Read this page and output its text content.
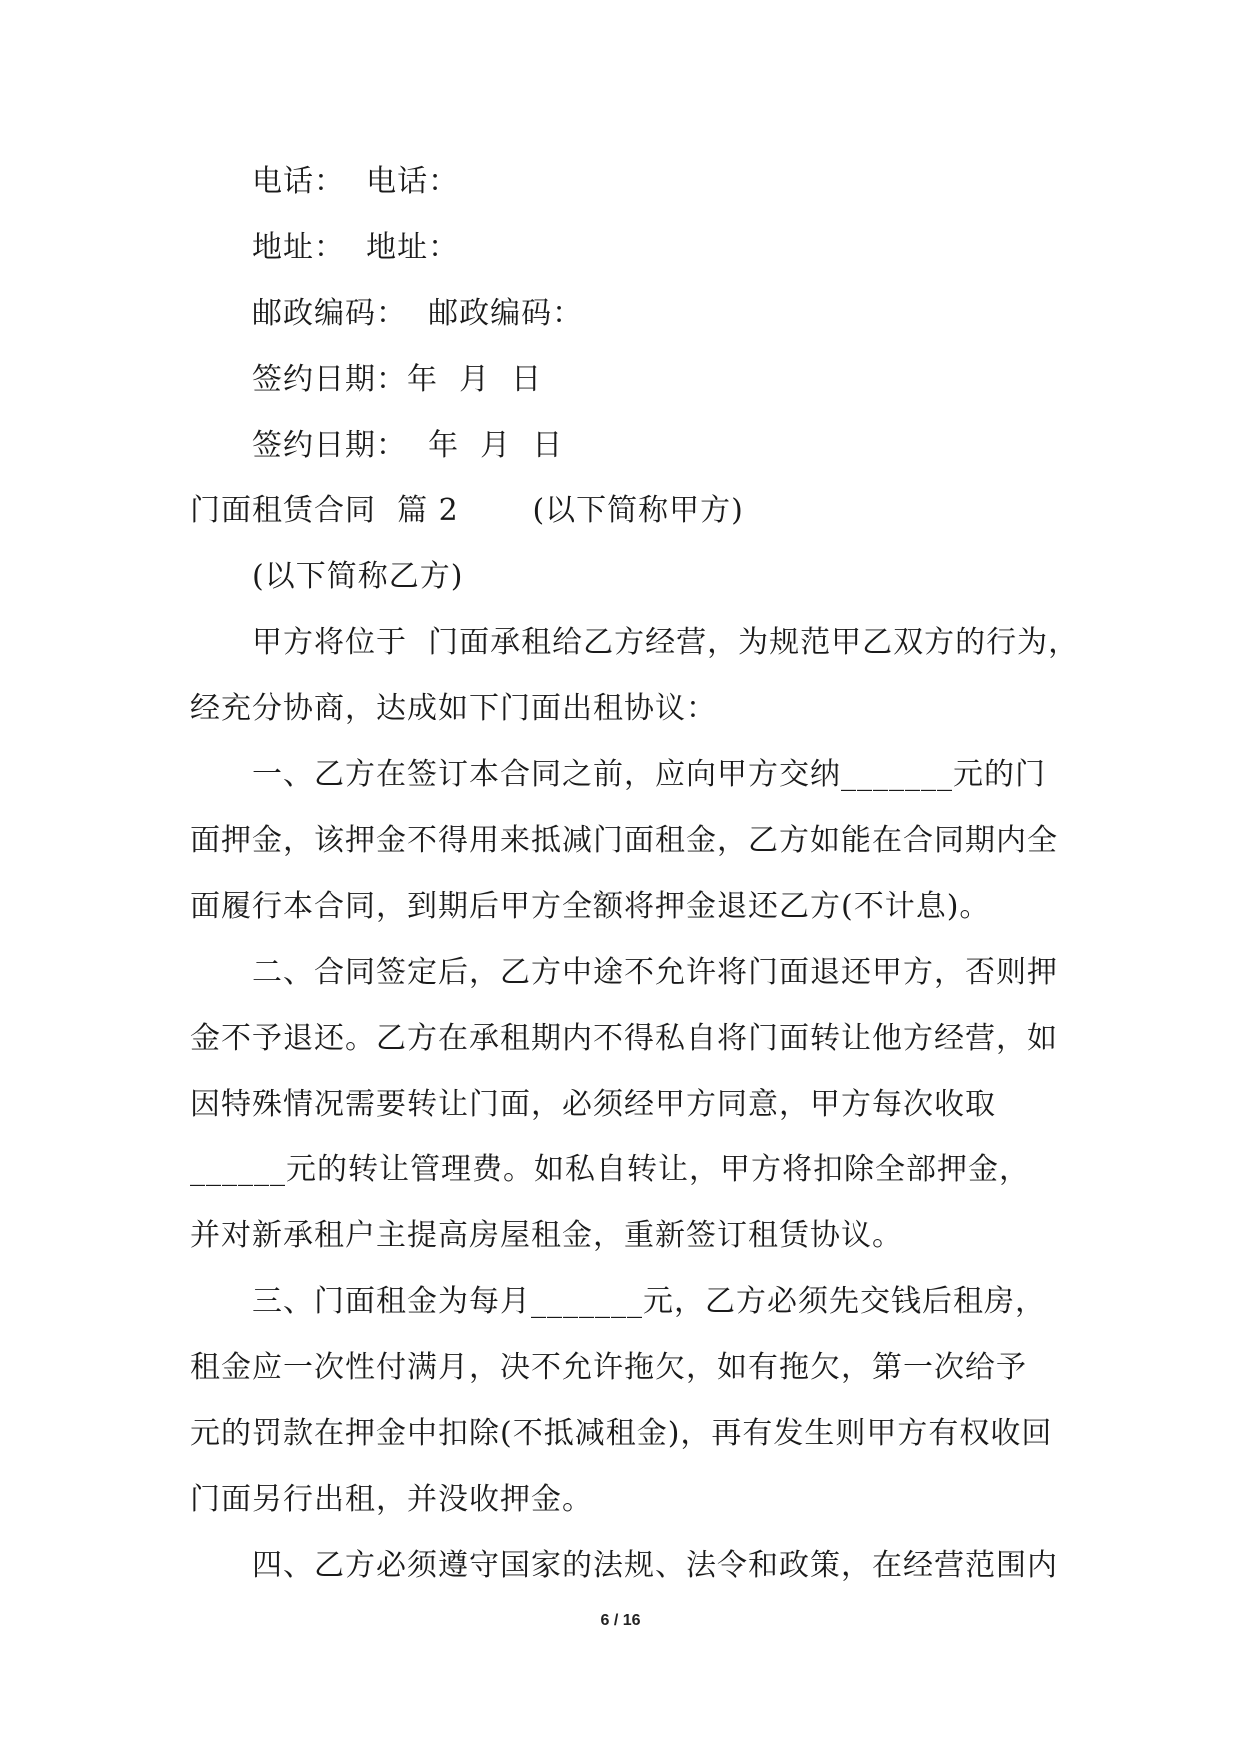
电话：  电话：
地址：  地址：
邮政编码：  邮政编码：
签约日期：年  月  日
签约日期：  年  月  日
门面租赁合同  篇 2       (以下简称甲方)
(以下简称乙方)
甲方将位于  门面承租给乙方经营，为规范甲乙双方的行为，
经充分协商，达成如下门面出租协议：
一、乙方在签订本合同之前，应向甲方交纳_______元的门
面押金，该押金不得用来抵减门面租金，乙方如能在合同期内全
面履行本合同，到期后甲方全额将押金退还乙方(不计息)。
二、合同签定后，乙方中途不允许将门面退还甲方，否则押
金不予退还。乙方在承租期内不得私自将门面转让他方经营，如
因特殊情况需要转让门面，必须经甲方同意，甲方每次收取
______元的转让管理费。如私自转让，甲方将扣除全部押金，
并对新承租户主提高房屋租金，重新签订租赁协议。
三、门面租金为每月_______元，乙方必须先交钱后租房，
租金应一次性付满月，决不允许拖欠，如有拖欠，第一次给予
元的罚款在押金中扣除(不抵减租金)，再有发生则甲方有权收回
门面另行出租，并没收押金。
四、乙方必须遵守国家的法规、法令和政策，在经营范围内
6 / 16
